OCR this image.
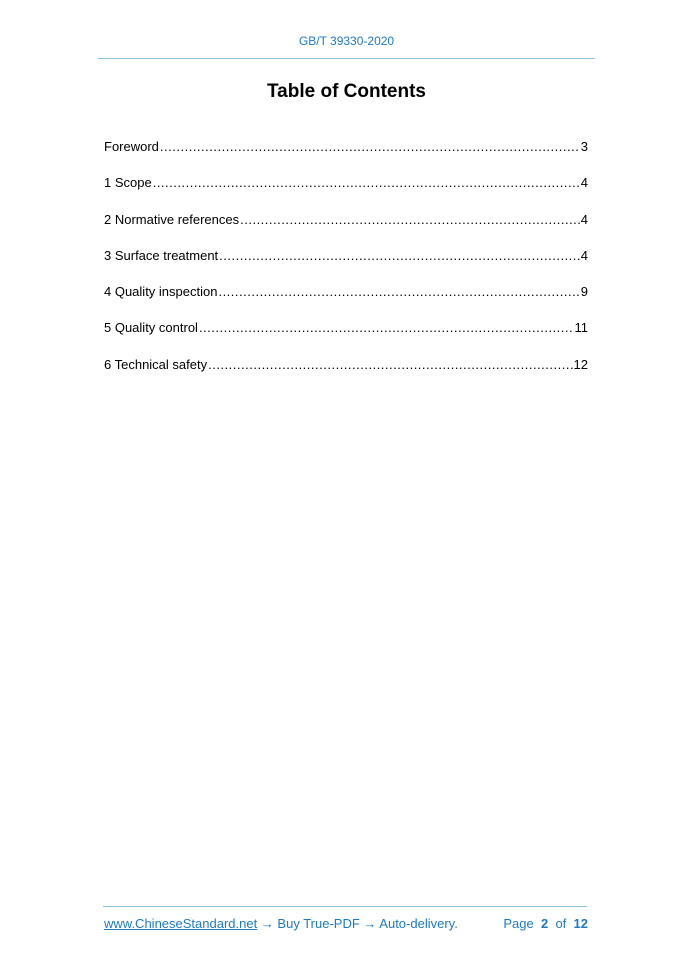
GB/T 39330-2020
Table of Contents
Foreword .....	3
1 Scope .....	4
2 Normative references .....	4
3 Surface treatment .....	4
4 Quality inspection .....	9
5 Quality control .....	11
6 Technical safety .....	12
www.ChineseStandard.net → Buy True-PDF → Auto-delivery.	Page 2 of 12
